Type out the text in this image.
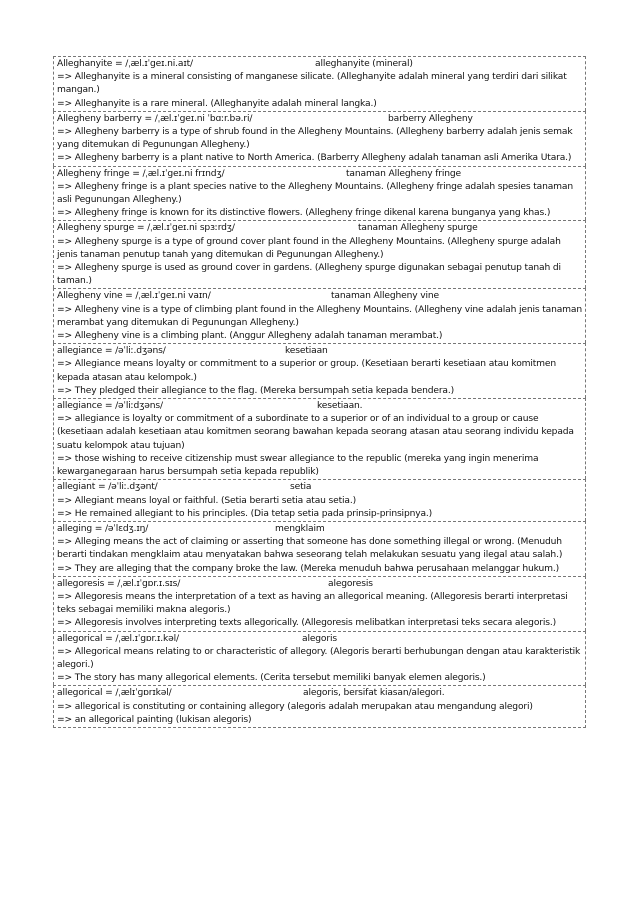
Alleghanyite = /ˌæl.ɪˈgeɪ.ni.aɪt/	alleghanyite (mineral)
=> Alleghanyite is a mineral consisting of manganese silicate. (Alleghanyite adalah mineral yang terdiri dari silikat mangan.)
=> Alleghanyite is a rare mineral. (Alleghanyite adalah mineral langka.)
Allegheny barberry = /ˌæl.ɪˈgeɪ.ni ˈbɑːr.bə.ri/	barberry Allegheny
=> Allegheny barberry is a type of shrub found in the Allegheny Mountains. (Allegheny barberry adalah jenis semak yang ditemukan di Pegunungan Allegheny.)
=> Allegheny barberry is a plant native to North America. (Barberry Allegheny adalah tanaman asli Amerika Utara.)
Allegheny fringe = /ˌæl.ɪˈgeɪ.ni frɪndʒ/	tanaman Allegheny fringe
=> Allegheny fringe is a plant species native to the Allegheny Mountains. (Allegheny fringe adalah spesies tanaman asli Pegunungan Allegheny.)
=> Allegheny fringe is known for its distinctive flowers. (Allegheny fringe dikenal karena bunganya yang khas.)
Allegheny spurge = /ˌæl.ɪˈgeɪ.ni spɜːrdʒ/	tanaman Allegheny spurge
=> Allegheny spurge is a type of ground cover plant found in the Allegheny Mountains. (Allegheny spurge adalah jenis tanaman penutup tanah yang ditemukan di Pegunungan Allegheny.)
=> Allegheny spurge is used as ground cover in gardens. (Allegheny spurge digunakan sebagai penutup tanah di taman.)
Allegheny vine = /ˌæl.ɪˈgeɪ.ni vaɪn/	tanaman Allegheny vine
=> Allegheny vine is a type of climbing plant found in the Allegheny Mountains. (Allegheny vine adalah jenis tanaman merambat yang ditemukan di Pegunungan Allegheny.)
=> Allegheny vine is a climbing plant. (Anggur Allegheny adalah tanaman merambat.)
allegiance = /əˈliː.dʒəns/	kesetiaan
=> Allegiance means loyalty or commitment to a superior or group. (Kesetiaan berarti kesetiaan atau komitmen kepada atasan atau kelompok.)
=> They pledged their allegiance to the flag. (Mereka bersumpah setia kepada bendera.)
allegiance = /əˈliːdʒəns/	kesetiaan.
=> allegiance is loyalty or commitment of a subordinate to a superior or of an individual to a group or cause (kesetiaan adalah kesetiaan atau komitmen seorang bawahan kepada seorang atasan atau seorang individu kepada suatu kelompok atau tujuan)
=> those wishing to receive citizenship must swear allegiance to the republic (mereka yang ingin menerima kewarganegaraan harus bersumpah setia kepada republik)
allegiant = /əˈliː.dʒənt/	setia
=> Allegiant means loyal or faithful. (Setia berarti setia atau setia.)
=> He remained allegiant to his principles. (Dia tetap setia pada prinsip-prinsipnya.)
alleging = /əˈlɛdʒ.ɪŋ/	mengklaim
=> Alleging means the act of claiming or asserting that someone has done something illegal or wrong. (Menuduh berarti tindakan mengklaim atau menyatakan bahwa seseorang telah melakukan sesuatu yang ilegal atau salah.)
=> They are alleging that the company broke the law. (Mereka menuduh bahwa perusahaan melanggar hukum.)
allegoresis = /ˌæl.ɪˈgɒr.ɪ.sɪs/	alegoresis
=> Allegoresis means the interpretation of a text as having an allegorical meaning. (Allegoresis berarti interpretasi teks sebagai memiliki makna alegoris.)
=> Allegoresis involves interpreting texts allegorically. (Allegoresis melibatkan interpretasi teks secara alegoris.)
allegorical = /ˌæl.ɪˈgɒr.ɪ.kəl/	alegoris
=> Allegorical means relating to or characteristic of allegory. (Alegoris berarti berhubungan dengan atau karakteristik alegori.)
=> The story has many allegorical elements. (Cerita tersebut memiliki banyak elemen alegoris.)
allegorical = /ˌælɪˈɡɒrɪkəl/	alegoris, bersifat kiasan/alegori.
=> allegorical is constituting or containing allegory (alegoris adalah merupakan atau mengandung alegori)
=> an allegorical painting (lukisan alegoris)
